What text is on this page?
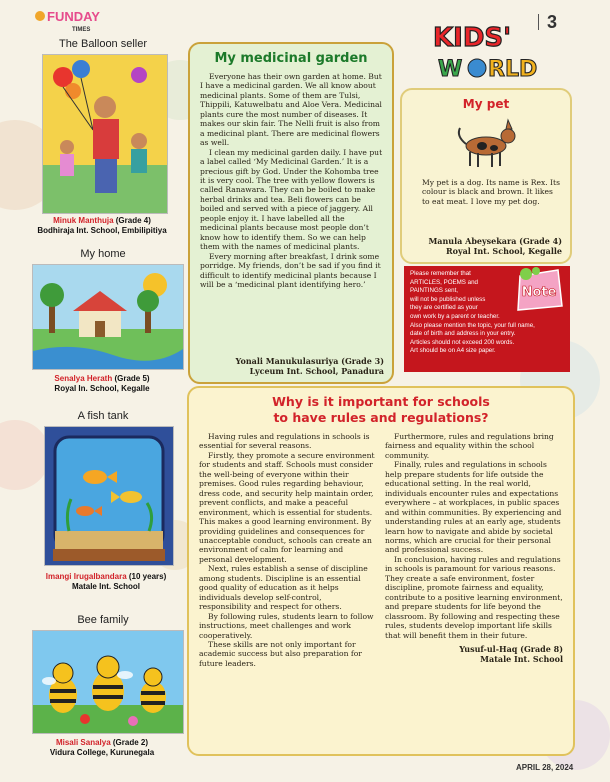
FUNDAY
TIMES	KIDS'
W RLD
3
The Balloon seller
Minuk Manthuja (Grade 4)
Bodhiraja Int. School, Embilipitiya
My home
Senalya Herath (Grade 5)
Royal In. School, Kegalle
A fish tank
Imangi Irugalbandara (10 years)
Matale Int. School
Bee family
Misali Sanalya (Grade 2)
Vidura College, Kurunegala
My medicinal garden

Everyone has their own garden at home. But I have a medicinal garden. We all know about medicinal plants. Some of them are Tulsi, Thippili, Katuwelbatu and Aloe Vera. Medicinal plants cure the most number of diseases. It makes our skin fair. The Nelli fruit is also from a medicinal plant. There are medicinal flowers as well.

I clean my medicinal garden daily. I have put a label called ‘My Medicinal Garden.’ It is a precious gift by God. Under the Kohomba tree it is very cool. The tree with yellow flowers is called Ranawara. They can be boiled to make herbal drinks and tea. Beli flowers can be boiled and served with a piece of jaggery. All people enjoy it. I have labelled all the medicinal plants because most people don’t know how to identify them. So we can help them with the names of medicinal plants.

Every morning after breakfast, I drink some porridge. My friends, don’t be sad if you find it difficult to identify medicinal plants because I will be a ‘medicinal plant identifying hero.’

Yonali Manukulasuriya (Grade 3)
Lyceum Int. School, Panadura
My pet
My pet is a dog. Its name is Rex. Its colour is black and brown. It likes to eat meat. I love my pet dog.
Manula Abeysekara (Grade 4)
Royal Int. School, Kegalle
Please remember that
ARTICLES, POEMS and
PAINTINGS sent,
will not be published unless
they are certified as your
own work by a parent or teacher.
Also please mention the topic, your full name,
date of birth and address in your entry.
Articles should not exceed 200 words.
Art should be on A4 size paper.
Note
Why is it important for schools
to have rules and regulations?

Having rules and regulations in schools is essential for several reasons.

Firstly, they promote a secure environment for students and staff. Schools must consider the well-being of everyone within their premises. Good rules regarding behaviour, dress code, and security help maintain order, prevent conflicts, and make a peaceful environment, which is essential for students. This makes a good learning environment. By providing guidelines and consequences for unacceptable conduct, schools can create an environment of calm for learning and personal development.

Next, rules establish a sense of discipline among students. Discipline is an essential good quality of education as it helps individuals develop self-control, responsibility and respect for others.

By following rules, students learn to follow instructions, meet challenges and work cooperatively.

These skills are not only important for academic success but also preparation for future leaders.

Furthermore, rules and regulations bring fairness and equality within the school community.

Finally, rules and regulations in schools help prepare students for life outside the educational setting. In the real world, individuals encounter rules and expectations everywhere – at workplaces, in public spaces and within communities. By experiencing and understanding rules at an early age, students learn how to navigate and abide by societal norms, which are crucial for their personal and professional success.

In conclusion, having rules and regulations in schools is paramount for various reasons. They create a safe environment, foster discipline, promote fairness and equality, contribute to a positive learning environment, and prepare students for life beyond the classroom. By following and respecting these rules, students develop important life skills that will benefit them in their future.

Yusuf-ul-Haq (Grade 8)
Matale Int. School
APRIL 28, 2024
